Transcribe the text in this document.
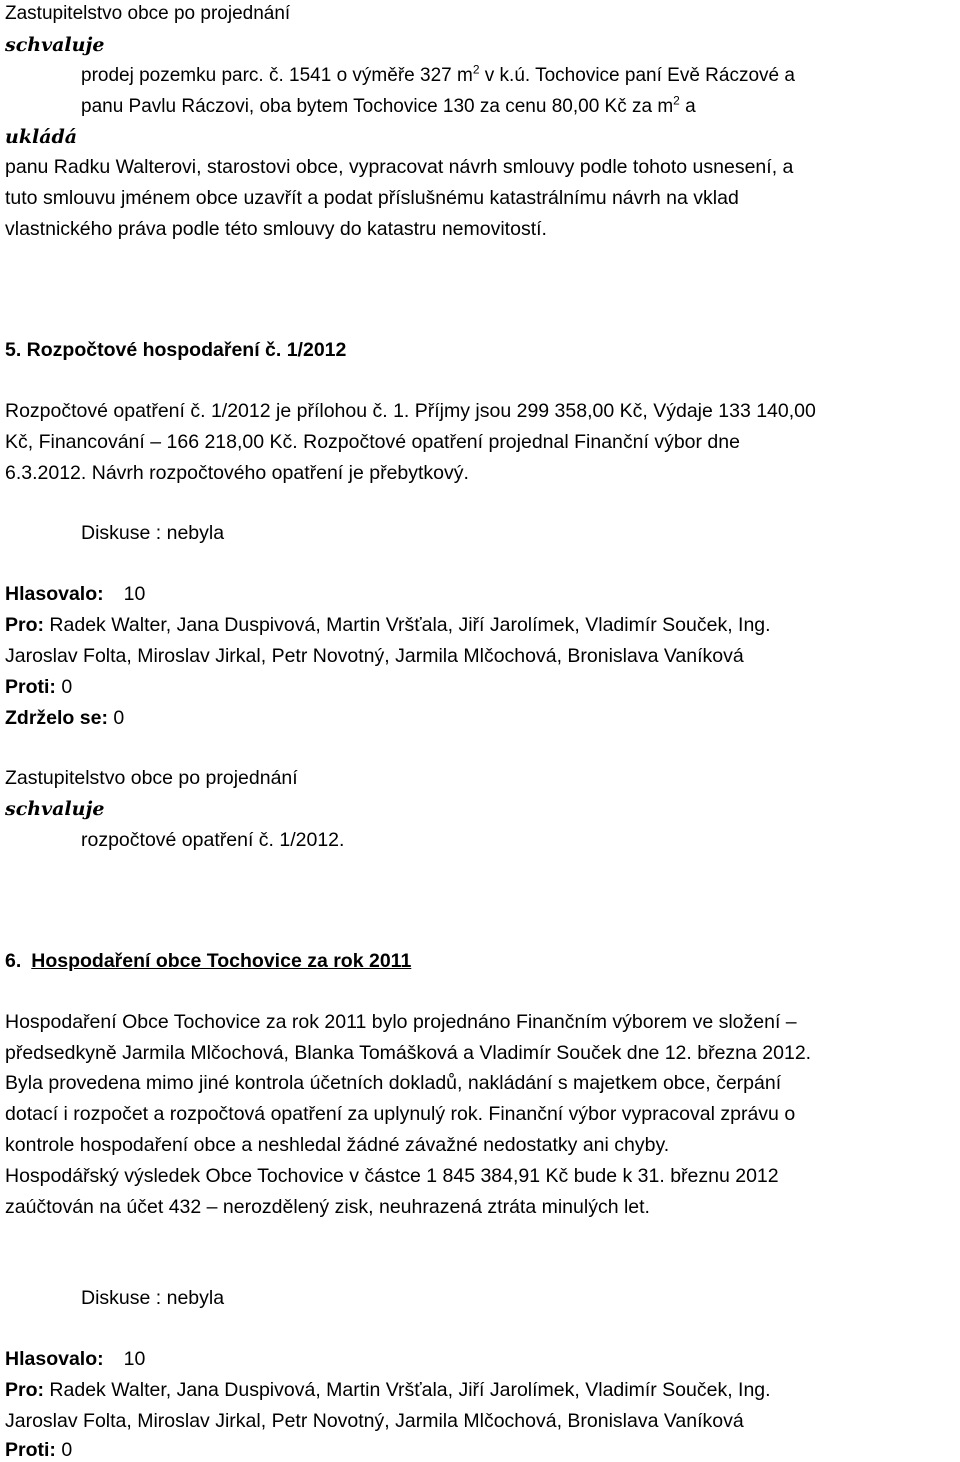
Zastupitelstvo obce po projednání
schvaluje
prodej pozemku parc. č. 1541 o výměře 327 $m^2$ v k.ú. Tochovice paní Evě Ráczové a
panu Pavlu Ráczovi, oba bytem Tochovice 130 za cenu 80,00 Kč za $m^2$ a
ukládá
panu Radku Walterovi, starostovi obce, vypracovat návrh smlouvy podle tohoto usnesení, a
tuto smlouvu jménem obce uzavřít a podat příslušnému katastrálnímu návrh na vklad
vlastnického práva podle této smlouvy do katastru nemovitostí.
5. Rozpočtové hospodaření č. 1/2012
Rozpočtové opatření č. 1/2012 je přílohou č. 1. Příjmy jsou 299 358,00 Kč, Výdaje 133 140,00
Kč, Financování – 166 218,00 Kč. Rozpočtové opatření projednal Finanční výbor dne
6.3.2012. Návrh rozpočtového opatření je přebytkový.
Diskuse : nebyla
Hlasovalo: 10
Pro: Radek Walter, Jana Duspivová, Martin Vršťala, Jiří Jarolímek, Vladimír Souček, Ing.
Jaroslav Folta, Miroslav Jirkal, Petr Novotný, Jarmila Mlčochová, Bronislava Vaníková
Proti: 0
Zdrželo se: 0
Zastupitelstvo obce po projednání
schvaluje
rozpočtové opatření č. 1/2012.
6. Hospodaření obce Tochovice za rok 2011
Hospodaření Obce Tochovice za rok 2011 bylo projednáno Finančním výborem ve složení –
předsedkyně Jarmila Mlčochová, Blanka Tomášková a Vladimír Souček dne 12. března 2012.
Byla provedena mimo jiné kontrola účetních dokladů, nakládání s majetkem obce, čerpání
dotací i rozpočet a rozpočtová opatření za uplynulý rok. Finanční výbor vypracoval zprávu o
kontrole hospodaření obce a neshledal žádné závažné nedostatky ani chyby.
Hospodářský výsledek Obce Tochovice v částce 1 845 384,91 Kč bude k 31. březnu 2012
zaúčtován na účet 432 – nerozdělený zisk, neuhrazená ztráta minulých let.
Diskuse : nebyla
Hlasovalo: 10
Pro: Radek Walter, Jana Duspivová, Martin Vršťala, Jiří Jarolímek, Vladimír Souček, Ing.
Jaroslav Folta, Miroslav Jirkal, Petr Novotný, Jarmila Mlčochová, Bronislava Vaníková
Proti: 0
